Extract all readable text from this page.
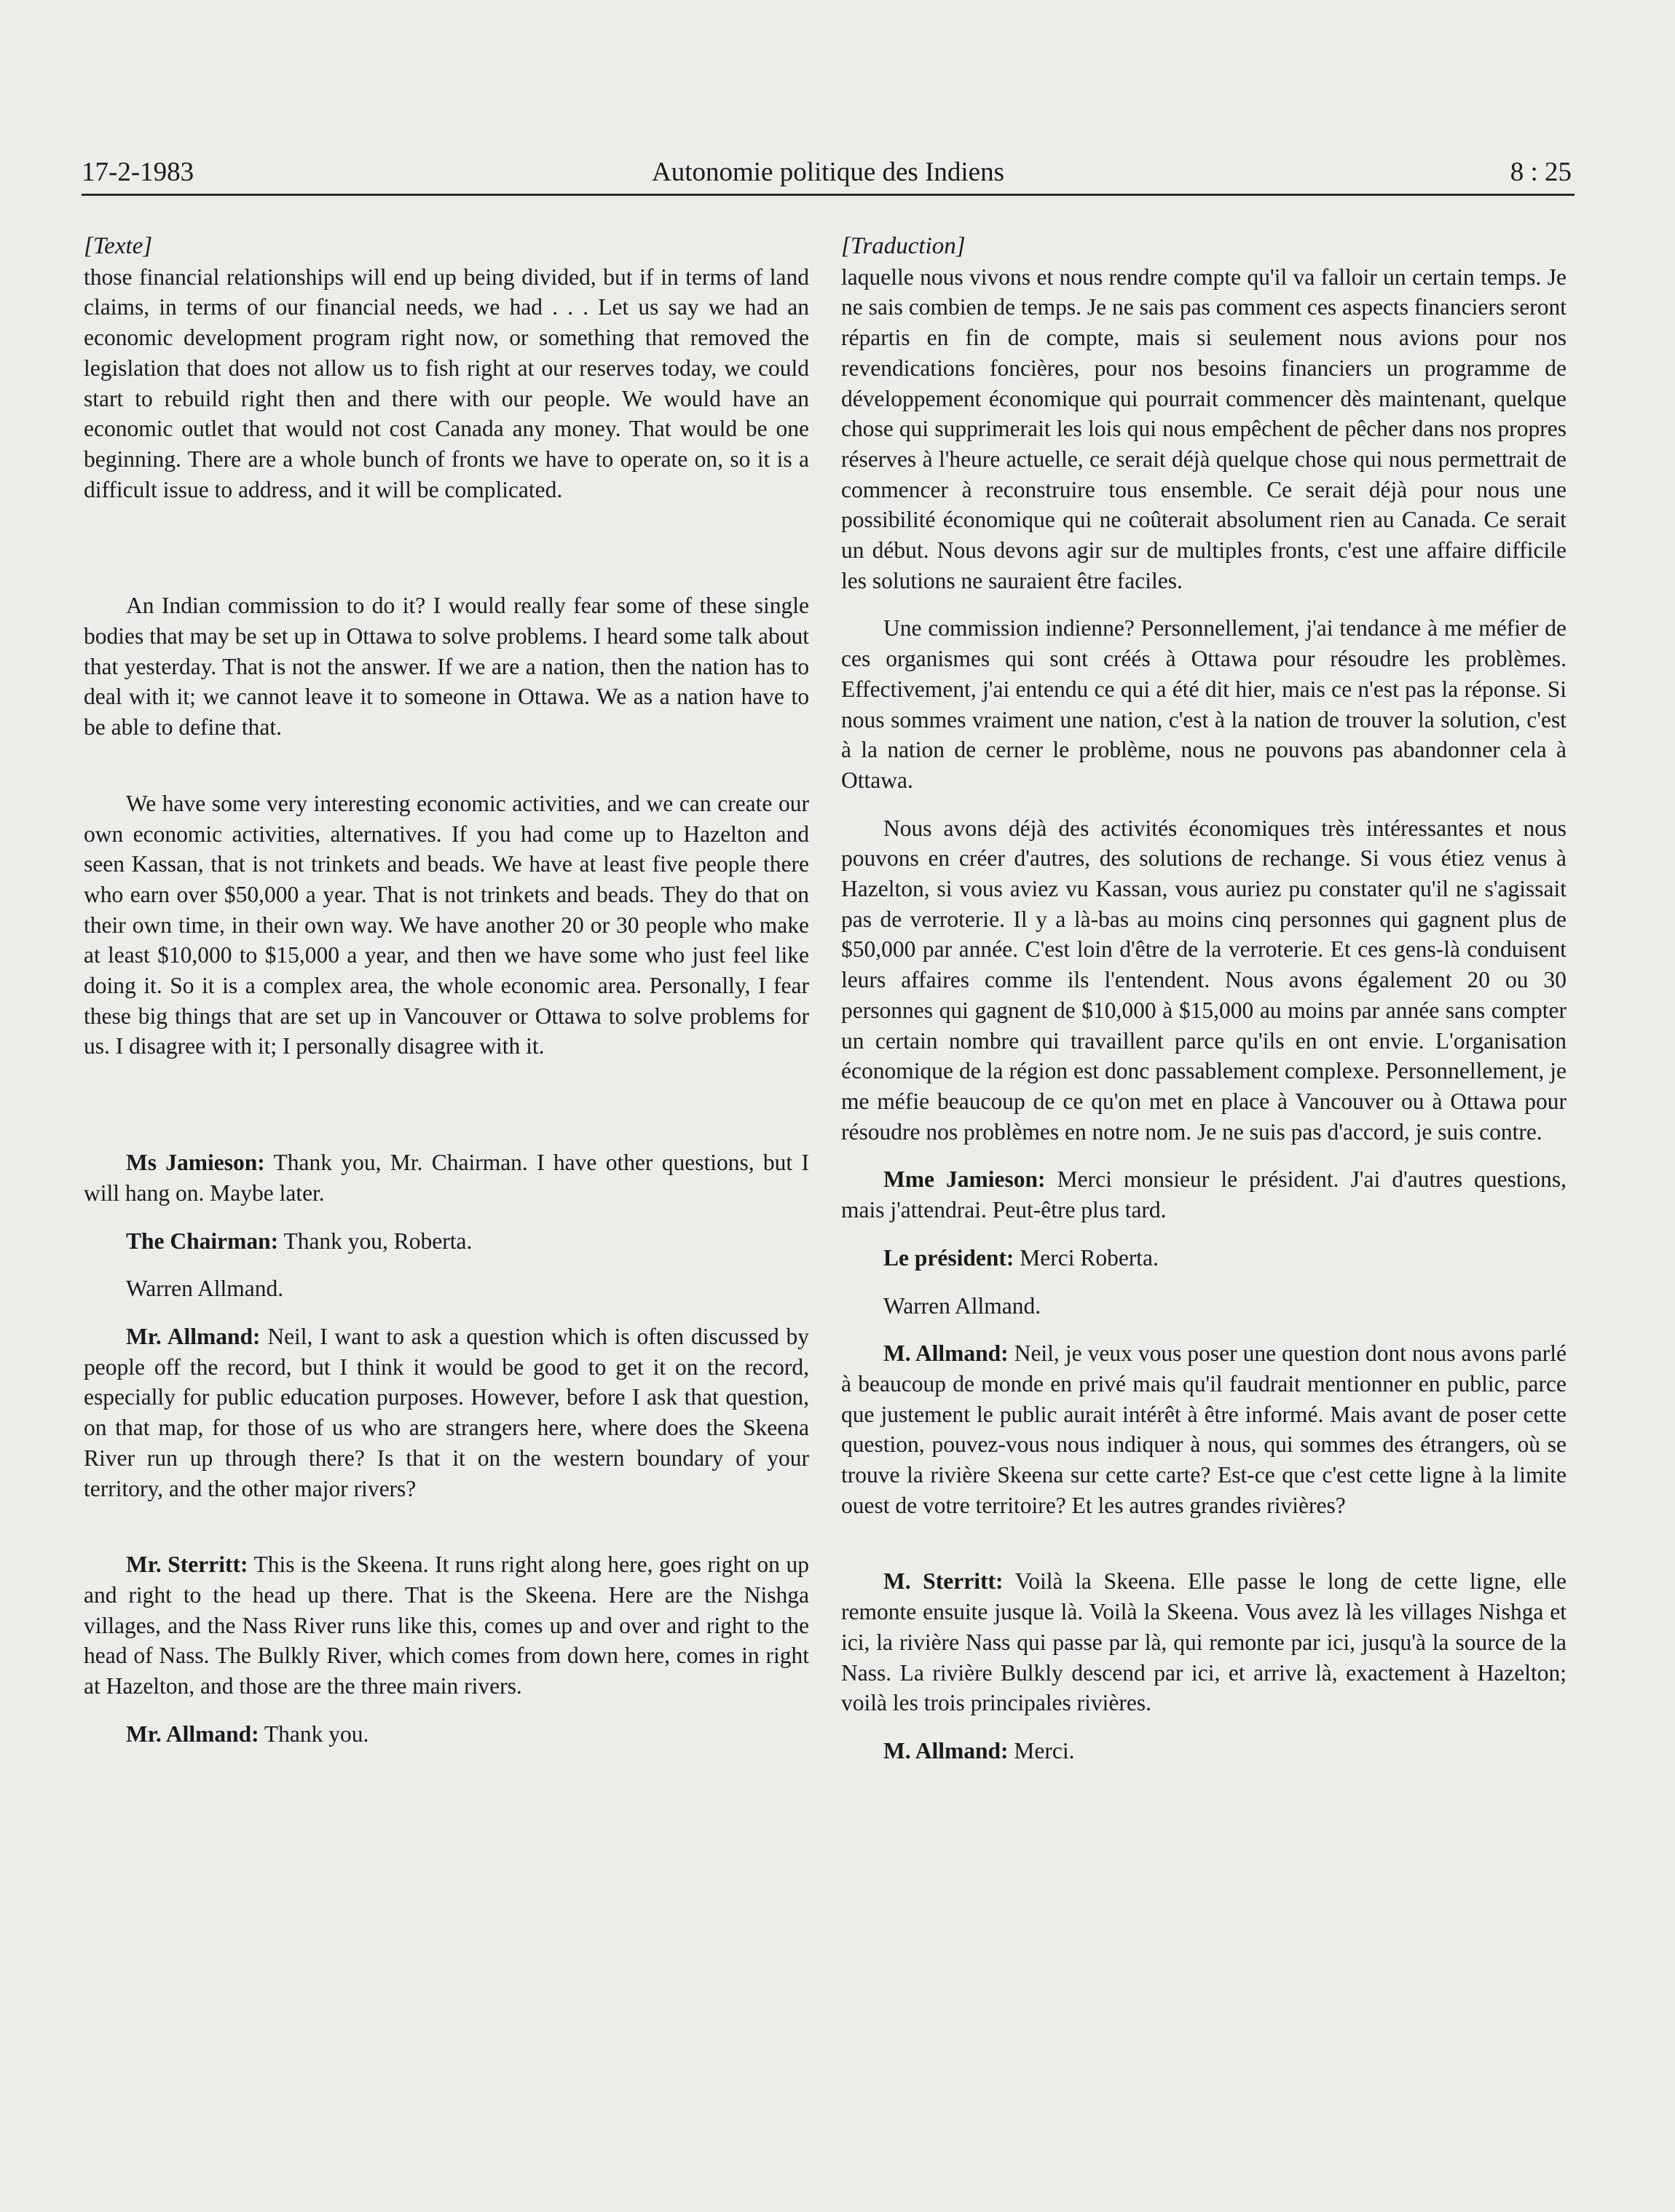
17-2-1983	Autonomie politique des Indiens	8 : 25

[Texte]

those financial relationships will end up being divided, but if in terms of land claims, in terms of our financial needs, we had . . . Let us say we had an economic development program right now, or something that removed the legislation that does not allow us to fish right at our reserves today, we could start to rebuild right then and there with our people. We would have an economic outlet that would not cost Canada any money. That would be one beginning. There are a whole bunch of fronts we have to operate on, so it is a difficult issue to address, and it will be complicated.

An Indian commission to do it? I would really fear some of these single bodies that may be set up in Ottawa to solve problems. I heard some talk about that yesterday. That is not the answer. If we are a nation, then the nation has to deal with it; we cannot leave it to someone in Ottawa. We as a nation have to be able to define that.

We have some very interesting economic activities, and we can create our own economic activities, alternatives. If you had come up to Hazelton and seen Kassan, that is not trinkets and beads. We have at least five people there who earn over $50,000 a year. That is not trinkets and beads. They do that on their own time, in their own way. We have another 20 or 30 people who make at least $10,000 to $15,000 a year, and then we have some who just feel like doing it. So it is a complex area, the whole economic area. Personally, I fear these big things that are set up in Vancouver or Ottawa to solve problems for us. I disagree with it; I personally disagree with it.

Ms Jamieson: Thank you, Mr. Chairman. I have other questions, but I will hang on. Maybe later.

The Chairman: Thank you, Roberta.

Warren Allmand.

Mr. Allmand: Neil, I want to ask a question which is often discussed by people off the record, but I think it would be good to get it on the record, especially for public education purposes. However, before I ask that question, on that map, for those of us who are strangers here, where does the Skeena River run up through there? Is that it on the western boundary of your territory, and the other major rivers?

Mr. Sterritt: This is the Skeena. It runs right along here, goes right on up and right to the head up there. That is the Skeena. Here are the Nishga villages, and the Nass River runs like this, comes up and over and right to the head of Nass. The Bulkly River, which comes from down here, comes in right at Hazelton, and those are the three main rivers.

Mr. Allmand: Thank you.

[Traduction]

laquelle nous vivons et nous rendre compte qu'il va falloir un certain temps. Je ne sais combien de temps. Je ne sais pas comment ces aspects financiers seront répartis en fin de compte, mais si seulement nous avions pour nos revendications foncières, pour nos besoins financiers un programme de développement économique qui pourrait commencer dès maintenant, quelque chose qui supprimerait les lois qui nous empêchent de pêcher dans nos propres réserves à l'heure actuelle, ce serait déjà quelque chose qui nous permettrait de commencer à reconstruire tous ensemble. Ce serait déjà pour nous une possibilité économique qui ne coûterait absolument rien au Canada. Ce serait un début. Nous devons agir sur de multiples fronts, c'est une affaire difficile les solutions ne sauraient être faciles.

Une commission indienne? Personnellement, j'ai tendance à me méfier de ces organismes qui sont créés à Ottawa pour résoudre les problèmes. Effectivement, j'ai entendu ce qui a été dit hier, mais ce n'est pas la réponse. Si nous sommes vraiment une nation, c'est à la nation de trouver la solution, c'est à la nation de cerner le problème, nous ne pouvons pas abandonner cela à Ottawa.

Nous avons déjà des activités économiques très intéressantes et nous pouvons en créer d'autres, des solutions de rechange. Si vous étiez venus à Hazelton, si vous aviez vu Kassan, vous auriez pu constater qu'il ne s'agissait pas de verroterie. Il y a là-bas au moins cinq personnes qui gagnent plus de $50,000 par année. C'est loin d'être de la verroterie. Et ces gens-là conduisent leurs affaires comme ils l'entendent. Nous avons également 20 ou 30 personnes qui gagnent de $10,000 à $15,000 au moins par année sans compter un certain nombre qui travaillent parce qu'ils en ont envie. L'organisation économique de la région est donc passablement complexe. Personnellement, je me méfie beaucoup de ce qu'on met en place à Vancouver ou à Ottawa pour résoudre nos problèmes en notre nom. Je ne suis pas d'accord, je suis contre.

Mme Jamieson: Merci monsieur le président. J'ai d'autres questions, mais j'attendrai. Peut-être plus tard.

Le président: Merci Roberta.

Warren Allmand.

M. Allmand: Neil, je veux vous poser une question dont nous avons parlé à beaucoup de monde en privé mais qu'il faudrait mentionner en public, parce que justement le public aurait intérêt à être informé. Mais avant de poser cette question, pouvez-vous nous indiquer à nous, qui sommes des étrangers, où se trouve la rivière Skeena sur cette carte? Est-ce que c'est cette ligne à la limite ouest de votre territoire? Et les autres grandes rivières?

M. Sterritt: Voilà la Skeena. Elle passe le long de cette ligne, elle remonte ensuite jusque là. Voilà la Skeena. Vous avez là les villages Nishga et ici, la rivière Nass qui passe par là, qui remonte par ici, jusqu'à la source de la Nass. La rivière Bulkly descend par ici, et arrive là, exactement à Hazelton; voilà les trois principales rivières.

M. Allmand: Merci.
